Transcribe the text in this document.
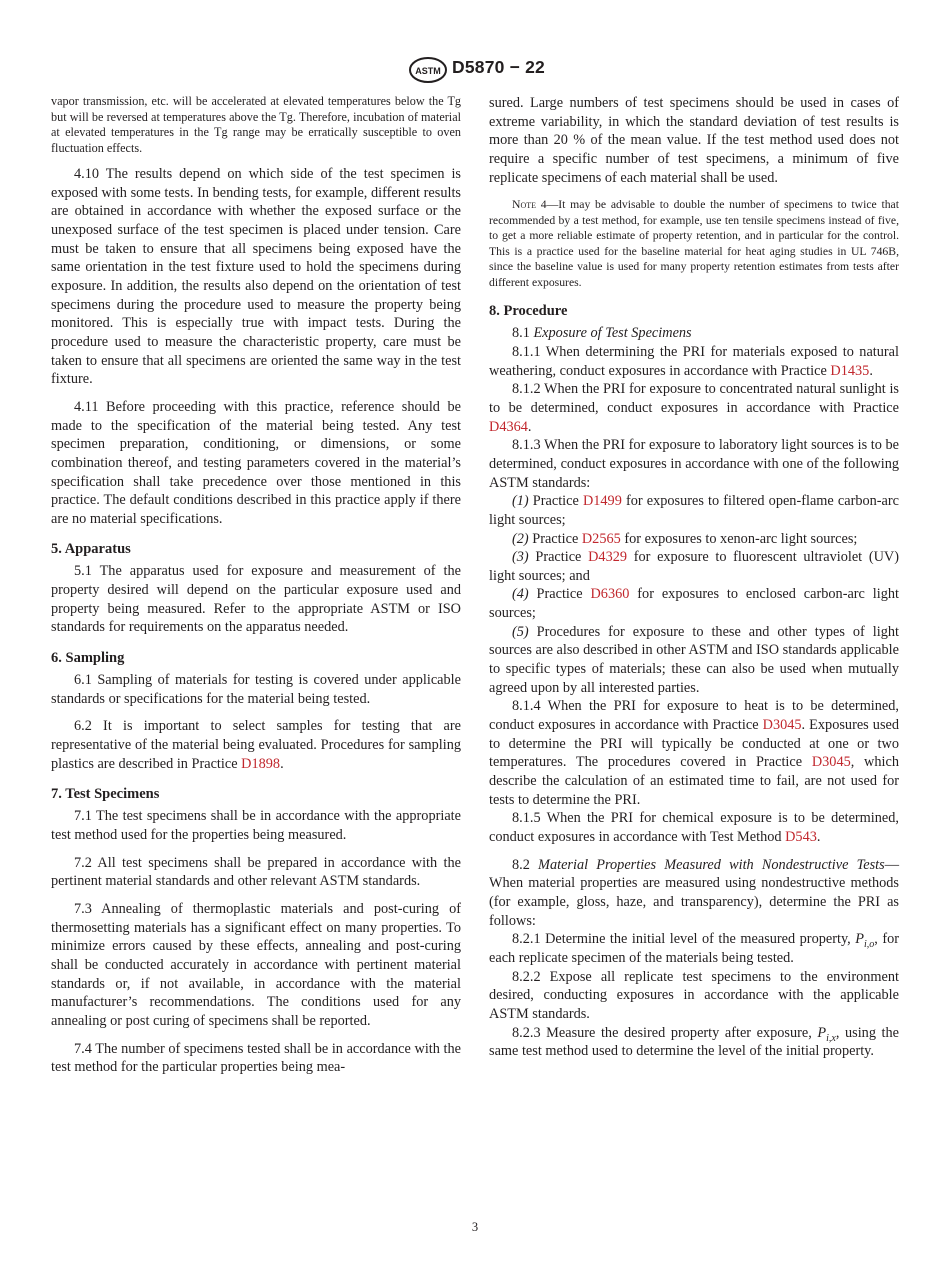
ASTM D5870 − 22

vapor transmission, etc. will be accelerated at elevated temperatures below the Tg but will be reversed at temperatures above the Tg. Therefore, incubation of material at elevated temperatures in the Tg range may be erratically susceptible to oven fluctuation effects.

4.10 The results depend on which side of the test specimen is exposed with some tests. In bending tests, for example, different results are obtained in accordance with whether the exposed surface or the unexposed surface of the test specimen is placed under tension. Care must be taken to ensure that all specimens being exposed have the same orientation in the test fixture used to hold the specimens during exposure. In addition, the results also depend on the orientation of test specimens during the procedure used to measure the property being monitored. This is especially true with impact tests. During the procedure used to measure the characteristic property, care must be taken to ensure that all specimens are oriented the same way in the test fixture.

4.11 Before proceeding with this practice, reference should be made to the specification of the material being tested. Any test specimen preparation, conditioning, or dimensions, or some combination thereof, and testing parameters covered in the material’s specification shall take precedence over those mentioned in this practice. The default conditions described in this practice apply if there are no material specifications.

5. Apparatus

5.1 The apparatus used for exposure and measurement of the property desired will depend on the particular exposure used and property being measured. Refer to the appropriate ASTM or ISO standards for requirements on the apparatus needed.

6. Sampling

6.1 Sampling of materials for testing is covered under applicable standards or specifications for the material being tested.

6.2 It is important to select samples for testing that are representative of the material being evaluated. Procedures for sampling plastics are described in Practice D1898.

7. Test Specimens

7.1 The test specimens shall be in accordance with the appropriate test method used for the properties being measured.

7.2 All test specimens shall be prepared in accordance with the pertinent material standards and other relevant ASTM standards.

7.3 Annealing of thermoplastic materials and post-curing of thermosetting materials has a significant effect on many properties. To minimize errors caused by these effects, annealing and post-curing shall be conducted accurately in accordance with pertinent material standards or, if not available, in accordance with the material manufacturer’s recommendations. The conditions used for any annealing or post curing of specimens shall be reported.

7.4 The number of specimens tested shall be in accordance with the test method for the particular properties being mea-

sured. Large numbers of test specimens should be used in cases of extreme variability, in which the standard deviation of test results is more than 20 % of the mean value. If the test method used does not require a specific number of test specimens, a minimum of five replicate specimens of each material shall be used.

Note 4—It may be advisable to double the number of specimens to twice that recommended by a test method, for example, use ten tensile specimens instead of five, to get a more reliable estimate of property retention, and in particular for the control. This is a practice used for the baseline material for heat aging studies in UL 746B, since the baseline value is used for many property retention estimates from tests after different exposures.

8. Procedure

8.1 Exposure of Test Specimens

8.1.1 When determining the PRI for materials exposed to natural weathering, conduct exposures in accordance with Practice D1435.

8.1.2 When the PRI for exposure to concentrated natural sunlight is to be determined, conduct exposures in accordance with Practice D4364.

8.1.3 When the PRI for exposure to laboratory light sources is to be determined, conduct exposures in accordance with one of the following ASTM standards:

(1) Practice D1499 for exposures to filtered open-flame carbon-arc light sources;

(2) Practice D2565 for exposures to xenon-arc light sources;

(3) Practice D4329 for exposure to fluorescent ultraviolet (UV) light sources; and

(4) Practice D6360 for exposures to enclosed carbon-arc light sources;

(5) Procedures for exposure to these and other types of light sources are also described in other ASTM and ISO standards applicable to specific types of materials; these can also be used when mutually agreed upon by all interested parties.

8.1.4 When the PRI for exposure to heat is to be determined, conduct exposures in accordance with Practice D3045. Exposures used to determine the PRI will typically be conducted at one or two temperatures. The procedures covered in Practice D3045, which describe the calculation of an estimated time to fail, are not used for tests to determine the PRI.

8.1.5 When the PRI for chemical exposure is to be determined, conduct exposures in accordance with Test Method D543.

8.2 Material Properties Measured with Nondestructive Tests—When material properties are measured using nondestructive methods (for example, gloss, haze, and transparency), determine the PRI as follows:

8.2.1 Determine the initial level of the measured property, $P_{i,o}$, for each replicate specimen of the materials being tested.

8.2.2 Expose all replicate test specimens to the environment desired, conducting exposures in accordance with the applicable ASTM standards.

8.2.3 Measure the desired property after exposure, $P_{i,x}$, using the same test method used to determine the level of the initial property.

3
